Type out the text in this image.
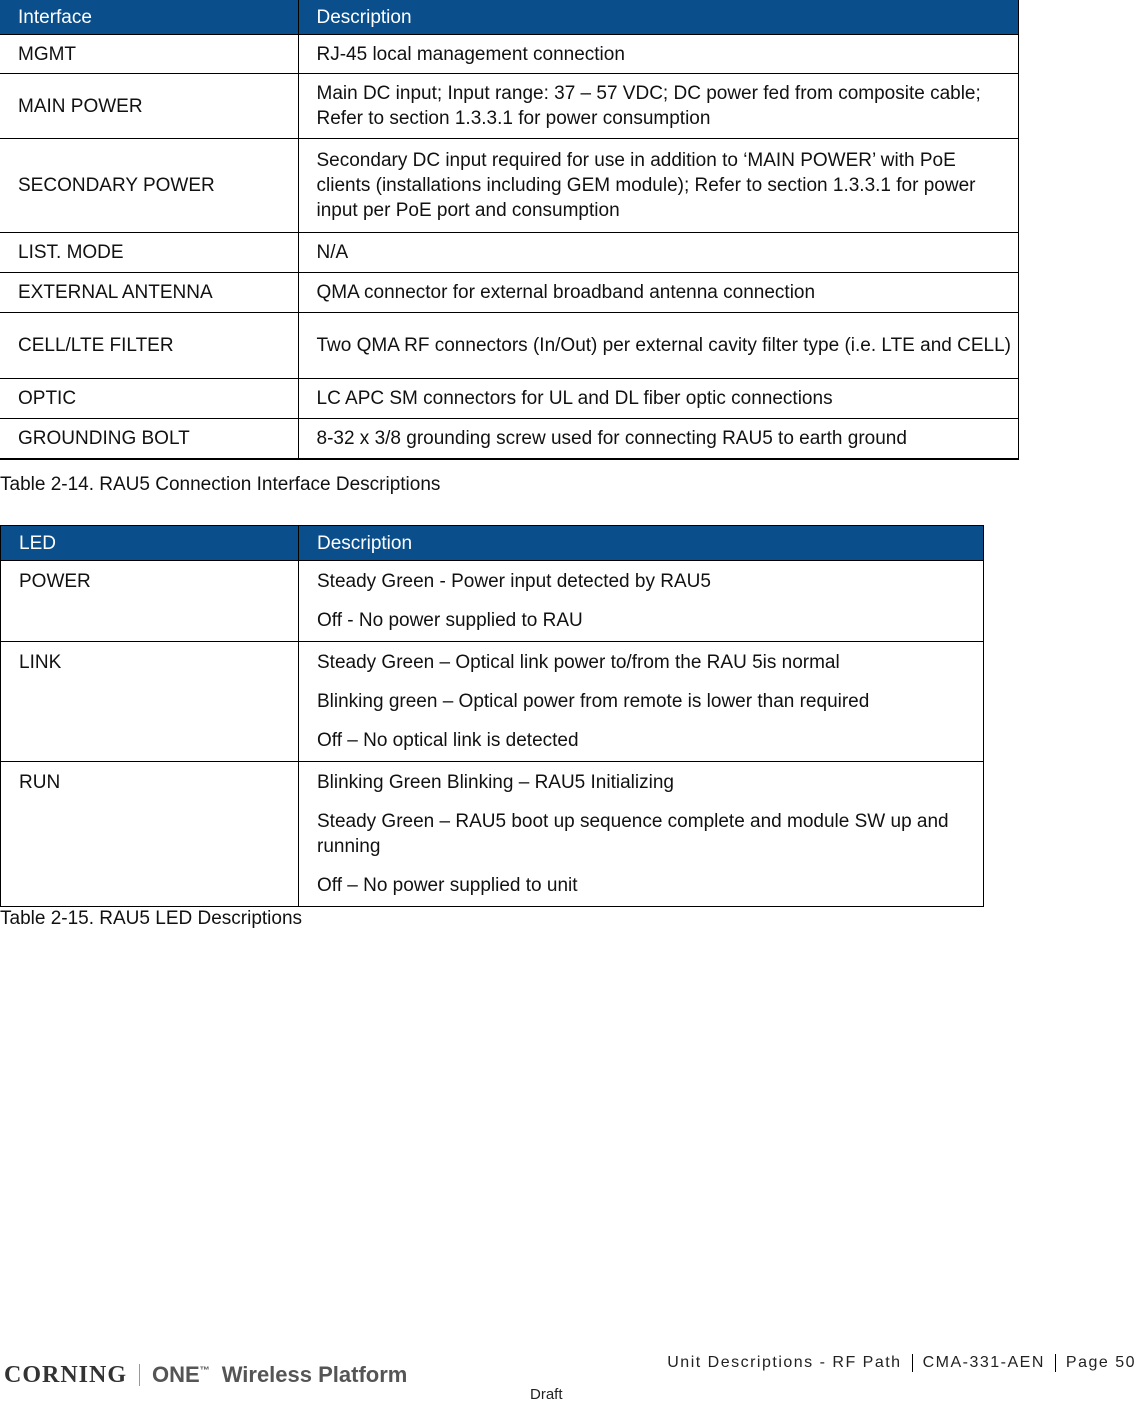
Interface	Description
MGMT	RJ-45 local management connection
MAIN POWER	Main DC input; Input range: 37 – 57 VDC; DC power fed from composite cable; Refer to section 1.3.3.1 for power consumption
SECONDARY POWER	Secondary DC input required for use in addition to ‘MAIN POWER’ with PoE clients (installations including GEM module); Refer to section 1.3.3.1 for power input per PoE port and consumption
LIST. MODE	N/A
EXTERNAL ANTENNA	QMA connector for external broadband antenna connection
CELL/LTE FILTER	Two QMA RF connectors (In/Out) per external cavity filter type (i.e. LTE and CELL)
OPTIC	LC APC SM connectors for UL and DL fiber optic connections
GROUNDING BOLT	8-32 x 3/8 grounding screw used for connecting RAU5 to earth ground
Table 2-14. RAU5 Connection Interface Descriptions
LED	Description
POWER	Steady Green - Power input detected by RAU5

Off - No power supplied to RAU

LINK	Steady Green – Optical link power to/from the RAU 5is normal

Blinking green – Optical power from remote is lower than required

Off – No optical link is detected

RUN	Blinking Green Blinking – RAU5 Initializing

Steady Green – RAU5 boot up sequence complete and module SW up and running

Off – No power supplied to unit

Table 2-15. RAU5 LED Descriptions
CORNING ONE™ Wireless Platform	Unit Descriptions - RF Path	CMA-331-AEN	Page 50
Draft
